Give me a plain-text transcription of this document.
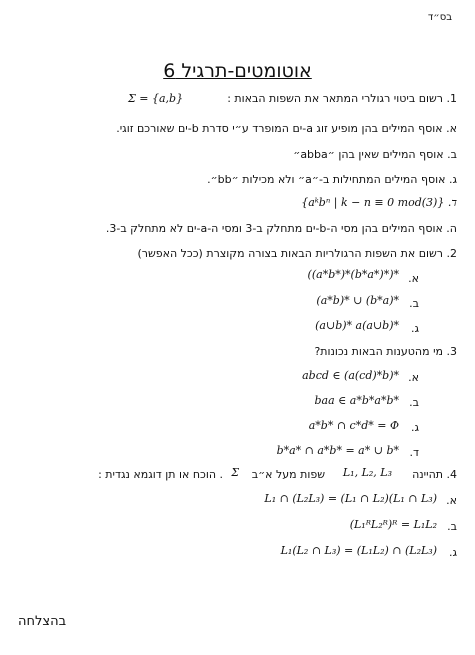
בס״ד
אוטומטים-תרגיל 6
1. רשום ביטוי רגולרי המתאר את השפות הבאות :
Σ = {a,b}
א. אוסף המילים בהן מופיע זוג a-ים המופרד ע״י סדרת b-ים שאורכם זוגי.
ב. אוסף המילים שאין בהן ״abba״
ג. אוסף המילים המתחילות ב-״a״ ולא מכילות ״bb״.
ד. {aᵏbⁿ | k − n ≡ 0 mod(3)}
ה. אוסף המילים בהן מסי ה-b-ים מתחלק ב-3 ומסי ה-a-ים לא מתחלק ב-3.
2. רשום את השפות הרגולריות הבאות בצורה מקוצרת (ככל האפשר)
א.
((a*b*)*(b*a*)*)*
ב.
(a*b)* ∪ (b*a)*
ג.
(a∪b)* a(a∪b)*
3. מי מהטענות הבאות נכונות?
א.
abcd ∈ (a(cd)*b)*
ב.
baa ∈ a*b*a*b*
ג.
a*b* ∩ c*d* = Φ
ד.
b*a* ∩ a*b* = a* ∪ b*
4. תהיינה
L₁, L₂, L₃
שפות מעל א״ב
Σ
. הוכח או תן דוגמא נגדית :
א.
L₁ ∩ (L₂L₃) = (L₁ ∩ L₂)(L₁ ∩ L₃)
ב.
(L₁ᴿL₂ᴿ)ᴿ = L₁L₂
ג.
L₁(L₂ ∩ L₃) = (L₁L₂) ∩ (L₂L₃)
בהצלחה
